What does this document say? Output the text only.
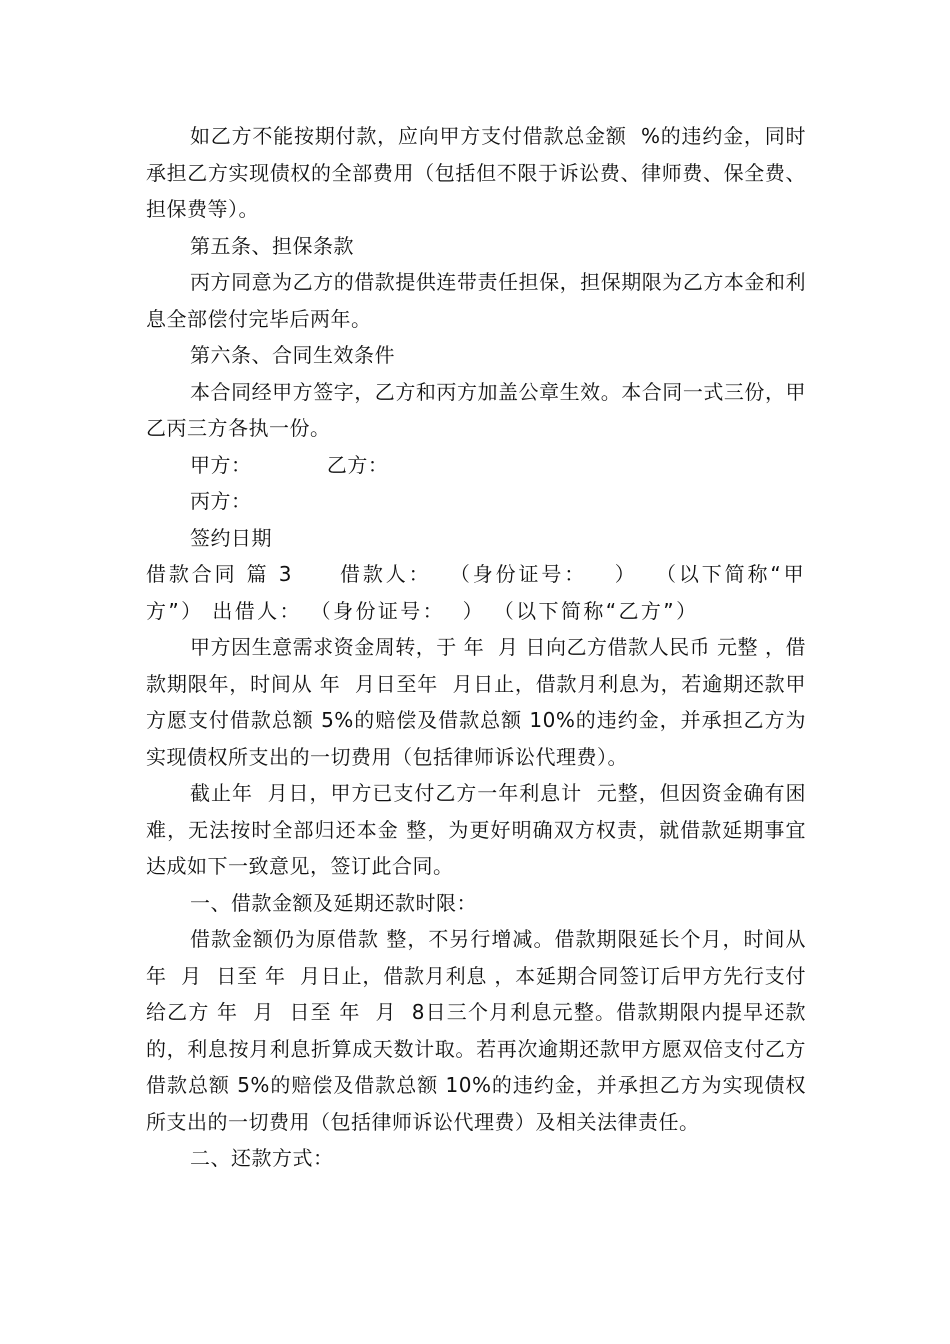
如乙方不能按期付款，应向甲方支付借款总金额  %的违约金，同时承担乙方实现债权的全部费用（包括但不限于诉讼费、律师费、保全费、担保费等）。

第五条、担保条款

丙方同意为乙方的借款提供连带责任担保，担保期限为乙方本金和利息全部偿付完毕后两年。

第六条、合同生效条件

本合同经甲方签字，乙方和丙方加盖公章生效。本合同一式三份，甲乙丙三方各执一份。

甲方：           乙方：

丙方：

签约日期

借款合同 篇 3     借款人：  （身份证号：   ）  （以下简称“甲方”） 出借人： （身份证号：  ） （以下简称“乙方”）

甲方因生意需求资金周转，于 年  月 日向乙方借款人民币 元整 ，借款期限年，时间从 年  月日至年  月日止，借款月利息为，若逾期还款甲方愿支付借款总额 5%的赔偿及借款总额 10%的违约金，并承担乙方为实现债权所支出的一切费用（包括律师诉讼代理费）。

截止年  月日，甲方已支付乙方一年利息计  元整，但因资金确有困难，无法按时全部归还本金 整，为更好明确双方权责，就借款延期事宜达成如下一致意见，签订此合同。

一、借款金额及延期还款时限：

借款金额仍为原借款 整，不另行增减。借款期限延长个月，时间从 年  月  日至 年  月日止，借款月利息 ，本延期合同签订后甲方先行支付给乙方 年  月  日至 年  月  8日三个月利息元整。借款期限内提早还款的，利息按月利息折算成天数计取。若再次逾期还款甲方愿双倍支付乙方借款总额 5%的赔偿及借款总额 10%的违约金，并承担乙方为实现债权所支出的一切费用（包括律师诉讼代理费）及相关法律责任。

二、还款方式：
